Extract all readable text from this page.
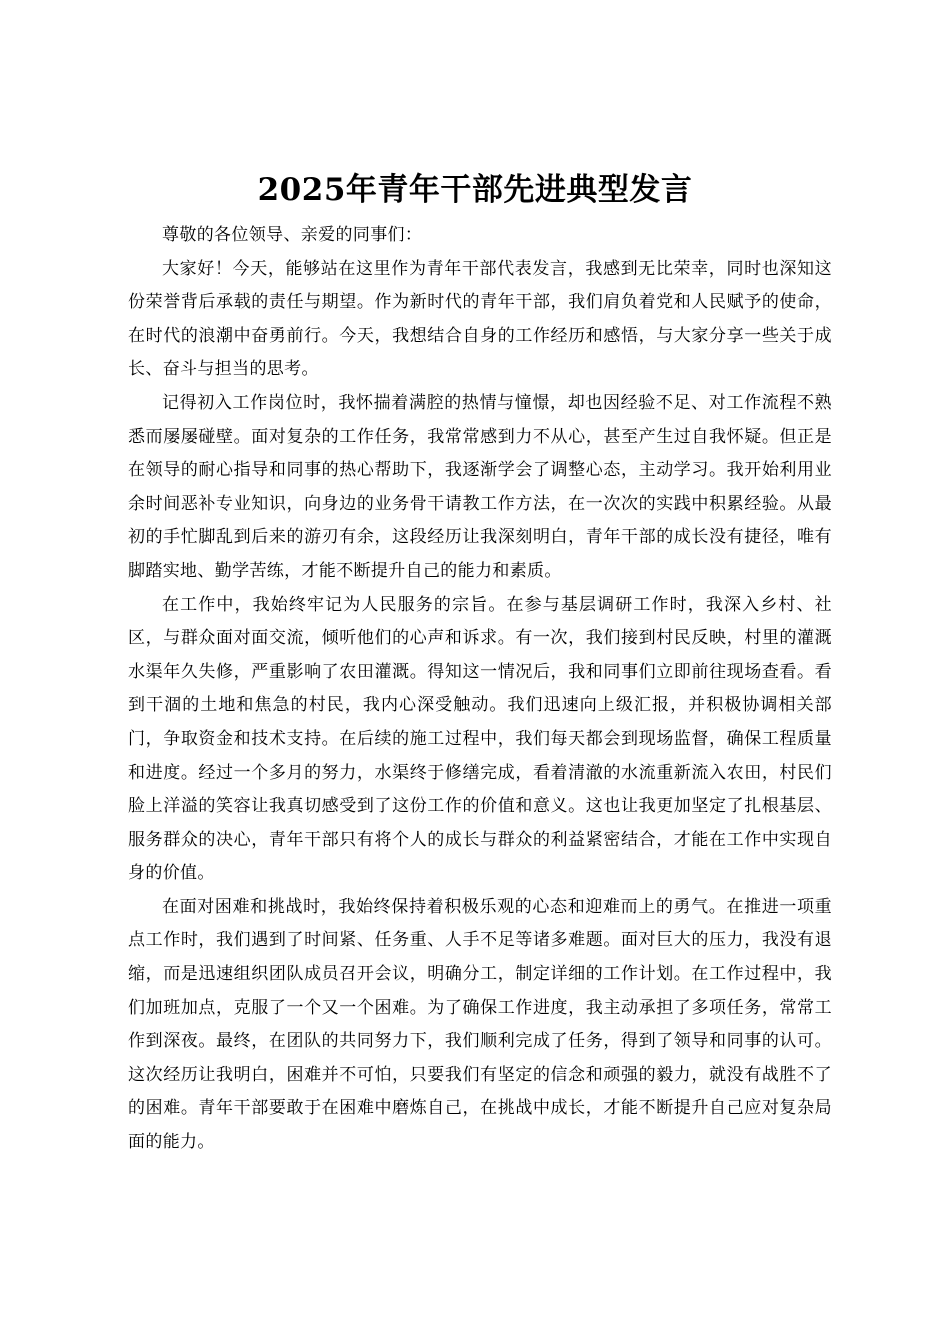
2025年青年干部先进典型发言

尊敬的各位领导、亲爱的同事们：

大家好！今天，能够站在这里作为青年干部代表发言，我感到无比荣幸，同时也深知这份荣誉背后承载的责任与期望。作为新时代的青年干部，我们肩负着党和人民赋予的使命，在时代的浪潮中奋勇前行。今天，我想结合自身的工作经历和感悟，与大家分享一些关于成长、奋斗与担当的思考。

记得初入工作岗位时，我怀揣着满腔的热情与憧憬，却也因经验不足、对工作流程不熟悉而屡屡碰壁。面对复杂的工作任务，我常常感到力不从心，甚至产生过自我怀疑。但正是在领导的耐心指导和同事的热心帮助下，我逐渐学会了调整心态，主动学习。我开始利用业余时间恶补专业知识，向身边的业务骨干请教工作方法，在一次次的实践中积累经验。从最初的手忙脚乱到后来的游刃有余，这段经历让我深刻明白，青年干部的成长没有捷径，唯有脚踏实地、勤学苦练，才能不断提升自己的能力和素质。

在工作中，我始终牢记为人民服务的宗旨。在参与基层调研工作时，我深入乡村、社区，与群众面对面交流，倾听他们的心声和诉求。有一次，我们接到村民反映，村里的灌溉水渠年久失修，严重影响了农田灌溉。得知这一情况后，我和同事们立即前往现场查看。看到干涸的土地和焦急的村民，我内心深受触动。我们迅速向上级汇报，并积极协调相关部门，争取资金和技术支持。在后续的施工过程中，我们每天都会到现场监督，确保工程质量和进度。经过一个多月的努力，水渠终于修缮完成，看着清澈的水流重新流入农田，村民们脸上洋溢的笑容让我真切感受到了这份工作的价值和意义。这也让我更加坚定了扎根基层、服务群众的决心，青年干部只有将个人的成长与群众的利益紧密结合，才能在工作中实现自身的价值。

在面对困难和挑战时，我始终保持着积极乐观的心态和迎难而上的勇气。在推进一项重点工作时，我们遇到了时间紧、任务重、人手不足等诸多难题。面对巨大的压力，我没有退缩，而是迅速组织团队成员召开会议，明确分工，制定详细的工作计划。在工作过程中，我们加班加点，克服了一个又一个困难。为了确保工作进度，我主动承担了多项任务，常常工作到深夜。最终，在团队的共同努力下，我们顺利完成了任务，得到了领导和同事的认可。这次经历让我明白，困难并不可怕，只要我们有坚定的信念和顽强的毅力，就没有战胜不了的困难。青年干部要敢于在困难中磨炼自己，在挑战中成长，才能不断提升自己应对复杂局面的能力。
